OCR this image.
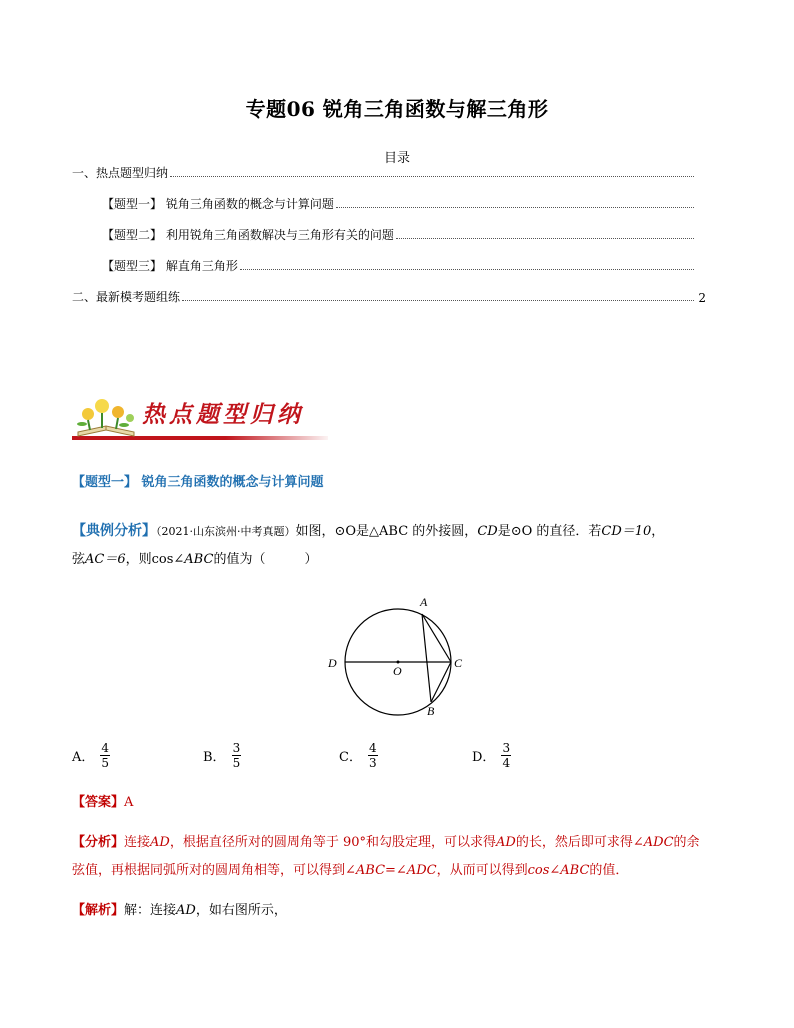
专题06 锐角三角函数与解三角形
目录
一、热点题型归纳
【题型一】 锐角三角函数的概念与计算问题
【题型二】 利用锐角三角函数解决与三角形有关的问题
【题型三】 解直角三角形
二、最新模考题组练	2
热点题型归纳
【题型一】 锐角三角函数的概念与计算问题
【典例分析】（2021·山东滨州·中考真题）如图，⊙O是△ABC 的外接圆，CD是⊙O 的直径．若CD＝10，
弦AC＝6，则cos∠ABC的值为（　　　）
A
D
O
C
B
A． $\frac{4}{5}$	B． $\frac{3}{5}$	C． $\frac{4}{3}$	D． $\frac{3}{4}$
【答案】A
【分析】连接AD，根据直径所对的圆周角等于 90°和勾股定理，可以求得AD的长，然后即可求得∠ADC的余
弦值，再根据同弧所对的圆周角相等，可以得到∠ABC=∠ADC，从而可以得到cos∠ABC的值．
【解析】解：连接AD，如右图所示，
